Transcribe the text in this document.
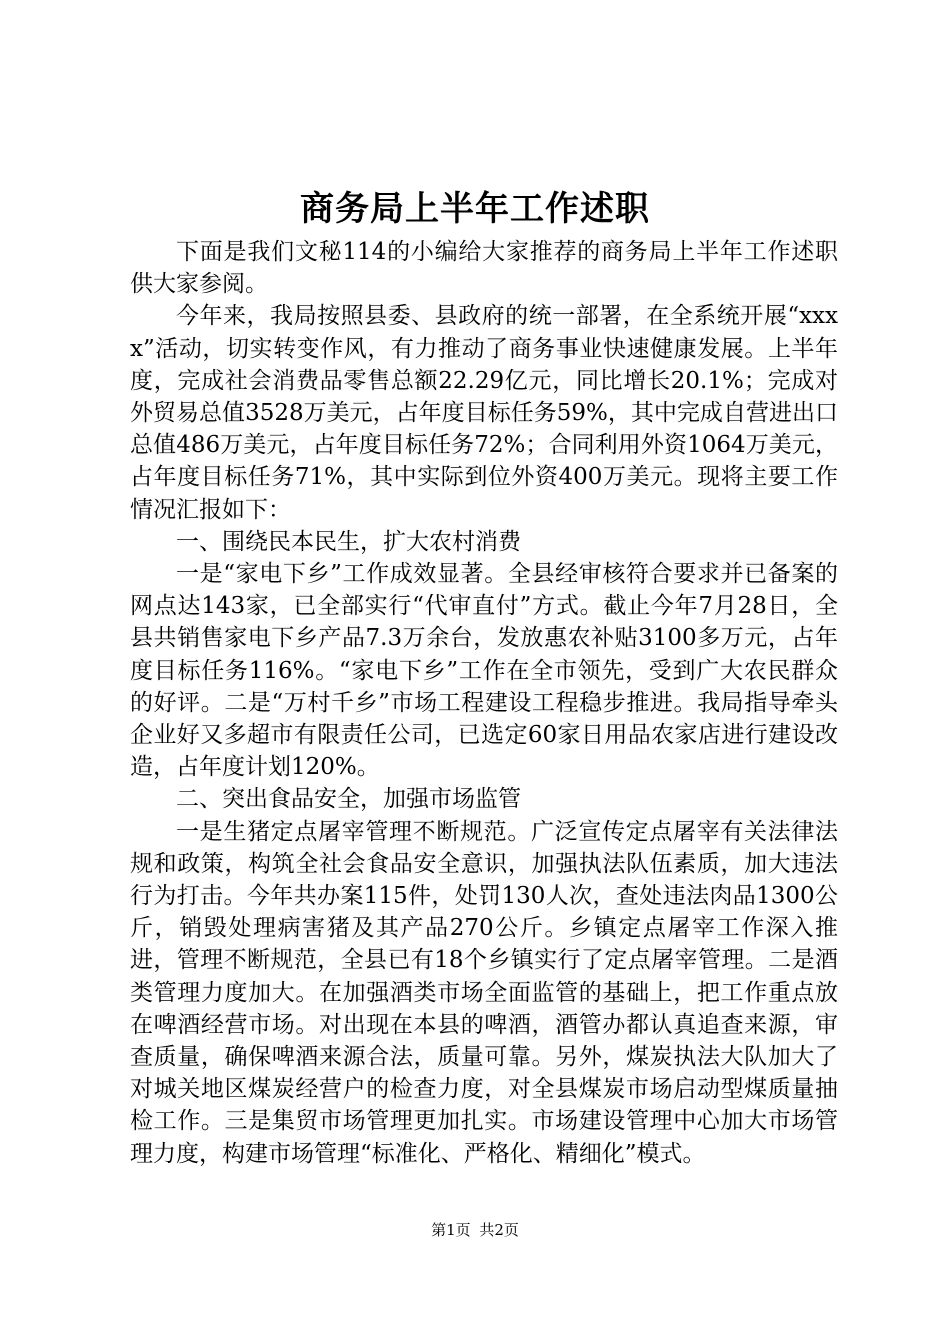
商务局上半年工作述职

下面是我们文秘114的小编给大家推荐的商务局上半年工作述职供大家参阅。

今年来，我局按照县委、县政府的统一部署，在全系统开展“xxxx”活动，切实转变作风，有力推动了商务事业快速健康发展。上半年度，完成社会消费品零售总额22.29亿元，同比增长20.1%；完成对外贸易总值3528万美元，占年度目标任务59%，其中完成自营进出口总值486万美元，占年度目标任务72%；合同利用外资1064万美元，占年度目标任务71%，其中实际到位外资400万美元。现将主要工作情况汇报如下：

一、围绕民本民生，扩大农村消费

一是“家电下乡”工作成效显著。全县经审核符合要求并已备案的网点达143家，已全部实行“代审直付”方式。截止今年7月28日，全县共销售家电下乡产品7.3万余台，发放惠农补贴3100多万元，占年度目标任务116%。“家电下乡”工作在全市领先，受到广大农民群众的好评。二是“万村千乡”市场工程建设工程稳步推进。我局指导牵头企业好又多超市有限责任公司，已选定60家日用品农家店进行建设改造，占年度计划120%。

二、突出食品安全，加强市场监管

一是生猪定点屠宰管理不断规范。广泛宣传定点屠宰有关法律法规和政策，构筑全社会食品安全意识，加强执法队伍素质，加大违法行为打击。今年共办案115件，处罚130人次，查处违法肉品1300公斤，销毁处理病害猪及其产品270公斤。乡镇定点屠宰工作深入推进，管理不断规范，全县已有18个乡镇实行了定点屠宰管理。二是酒类管理力度加大。在加强酒类市场全面监管的基础上，把工作重点放在啤酒经营市场。对出现在本县的啤酒，酒管办都认真追查来源，审查质量，确保啤酒来源合法，质量可靠。另外，煤炭执法大队加大了对城关地区煤炭经营户的检查力度，对全县煤炭市场启动型煤质量抽检工作。三是集贸市场管理更加扎实。市场建设管理中心加大市场管理力度，构建市场管理“标准化、严格化、精细化”模式。

第1页 共2页
